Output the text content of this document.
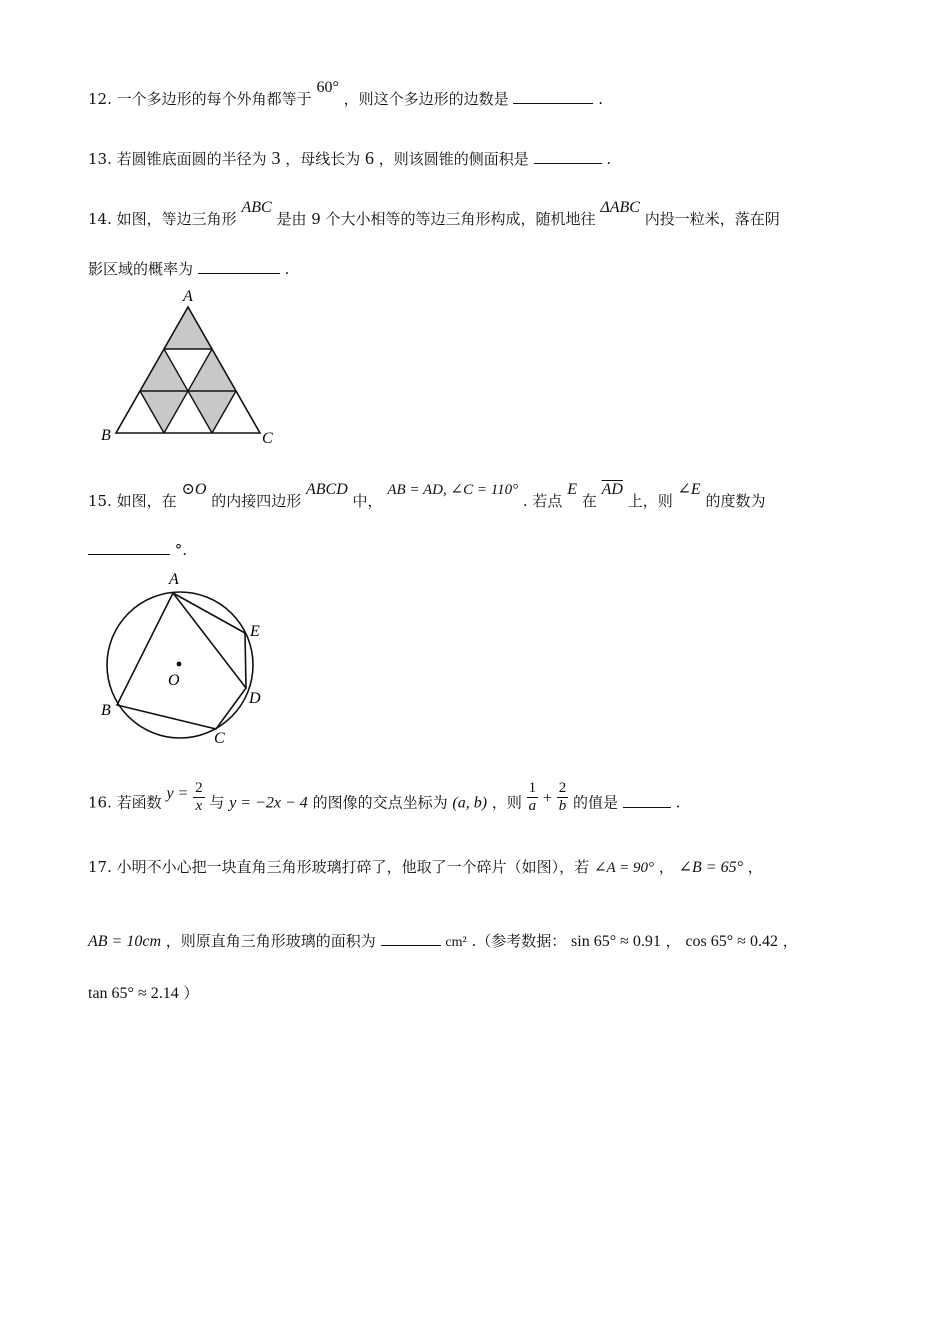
12. 一个多边形的每个外角都等于 60° ，则这个多边形的边数是	.
13. 若圆锥底面圆的半径为 3 ，母线长为 6 ，则该圆锥的侧面积是	.
14. 如图，等边三角形 ABC 是由 9 个大小相等的等边三角形构成，随机地往 ΔABC 内投一粒米，落在阴
影区域的概率为	.
A
B	C
15. 如图，在 ⊙O 的内接四边形 ABCD 中， AB = AD, ∠C = 110° . 若点 E 在 $\overline{AD}$ 上，则 ∠E 的度数为
°.
A
B
C
D
E
O
16. 若函数 $y = \frac{2}{x}$ 与 y = −2x − 4 的图像的交点坐标为 (a, b) ，则 $\frac{1}{a} + \frac{2}{b}$ 的值是	.
17. 小明不小心把一块直角三角形玻璃打碎了，他取了一个碎片（如图），若 ∠A = 90° ， ∠B = 65° ，
AB = 10cm ，则原直角三角形玻璃的面积为	cm² .（参考数据： sin 65° ≈ 0.91 ， cos 65° ≈ 0.42 ，
tan 65° ≈ 2.14 ）
